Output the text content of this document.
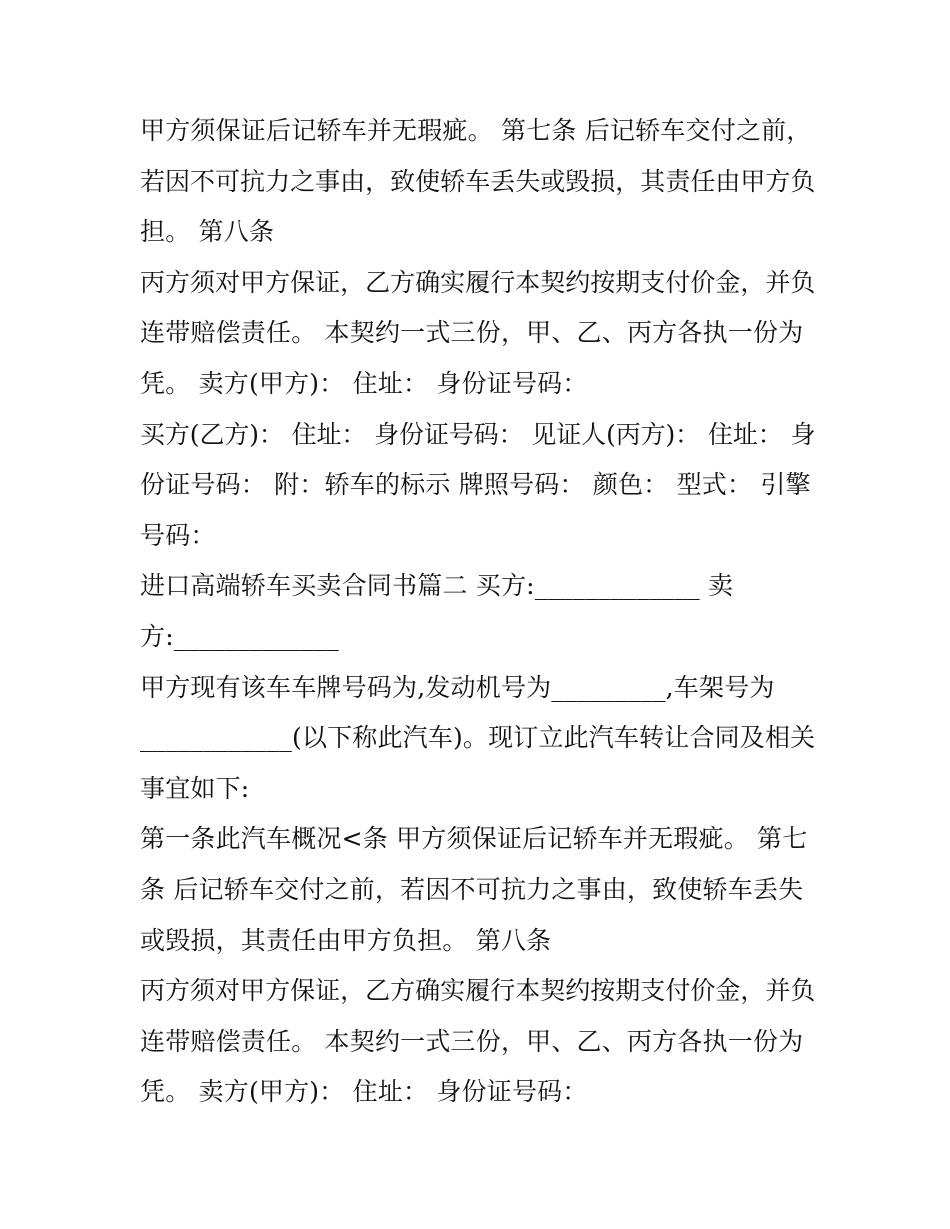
甲方须保证后记轿车并无瑕疵。 第七条 后记轿车交付之前，
若因不可抗力之事由，致使轿车丢失或毁损，其责任由甲方负
担。 第八条
丙方须对甲方保证，乙方确实履行本契约按期支付价金，并负
连带赔偿责任。 本契约一式三份，甲、乙、丙方各执一份为
凭。 卖方(甲方)： 住址： 身份证号码：
买方(乙方)： 住址： 身份证号码： 见证人(丙方)： 住址： 身
份证号码： 附：轿车的标示 牌照号码： 颜色： 型式： 引擎
号码：
进口高端轿车买卖合同书篇二 买方:_____________ 卖
方:_____________
甲方现有该车车牌号码为,发动机号为_________,车架号为
____________(以下称此汽车)。现订立此汽车转让合同及相关
事宜如下:
第一条此汽车概况<条 甲方须保证后记轿车并无瑕疵。 第七
条 后记轿车交付之前，若因不可抗力之事由，致使轿车丢失
或毁损，其责任由甲方负担。 第八条
丙方须对甲方保证，乙方确实履行本契约按期支付价金，并负
连带赔偿责任。 本契约一式三份，甲、乙、丙方各执一份为
凭。 卖方(甲方)： 住址： 身份证号码：
